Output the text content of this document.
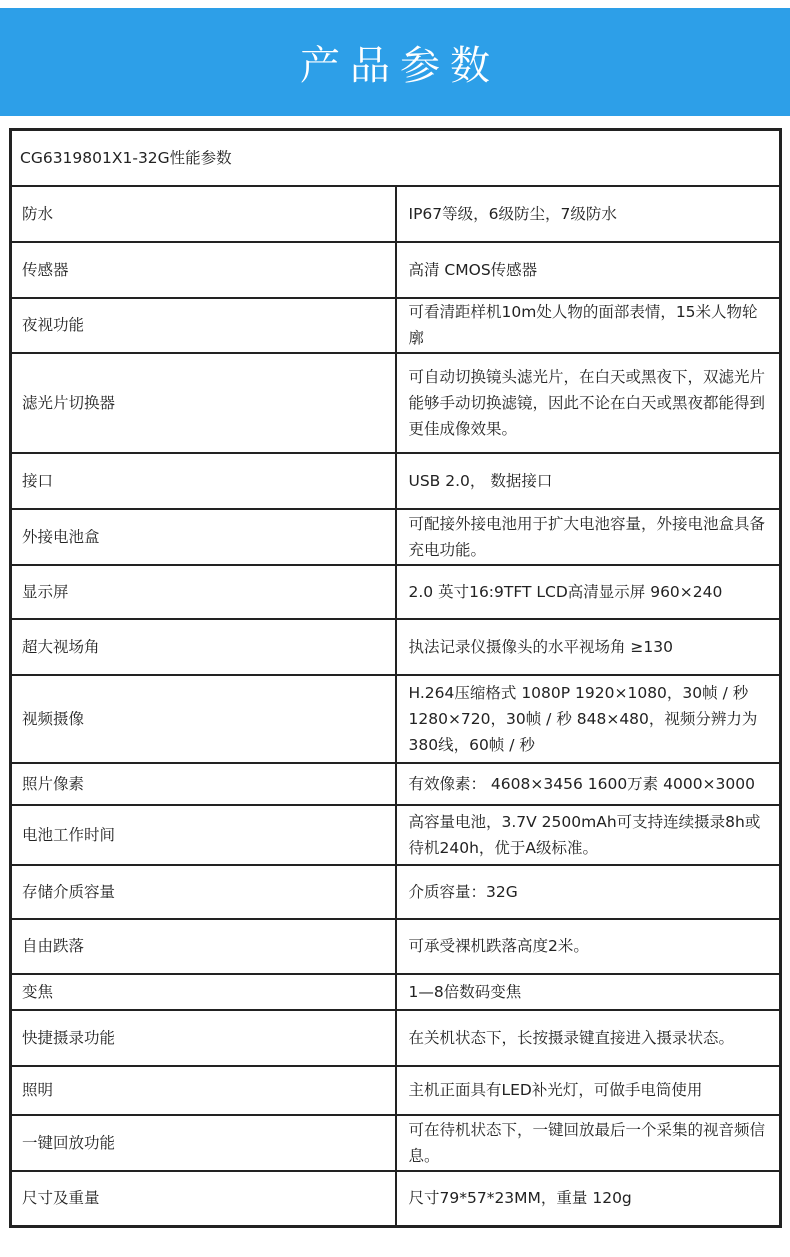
产品参数
CG6319801X1-32G性能参数	
防水	IP67等级，6级防尘，7级防水
传感器	高清 CMOS传感器
夜视功能	可看清距样机10m处人物的面部表情，15米人物轮廓
滤光片切换器	可自动切换镜头滤光片，在白天或黑夜下，双滤光片能够手动切换滤镜，因此不论在白天或黑夜都能得到更佳成像效果。
接口	USB 2.0， 数据接口
外接电池盒	可配接外接电池用于扩大电池容量，外接电池盒具备充电功能。
显示屏	2.0 英寸16:9TFT LCD高清显示屏 960×240
超大视场角	执法记录仪摄像头的水平视场角 ≥130
视频摄像	H.264压缩格式 1080P 1920×1080，30帧 / 秒1280×720，30帧 / 秒 848×480，视频分辨力为380线，60帧 / 秒
照片像素	有效像素： 4608×3456 1600万素 4000×3000
电池工作时间	高容量电池，3.7V 2500mAh可支持连续摄录8h或待机240h，优于A级标准。
存储介质容量	介质容量：32G
自由跌落	可承受裸机跌落高度2米。
变焦	1—8倍数码变焦
快捷摄录功能	在关机状态下，长按摄录键直接进入摄录状态。
照明	主机正面具有LED补光灯，可做手电筒使用
一键回放功能	可在待机状态下，一键回放最后一个采集的视音频信息。
尺寸及重量	尺寸79*57*23MM，重量 120g
